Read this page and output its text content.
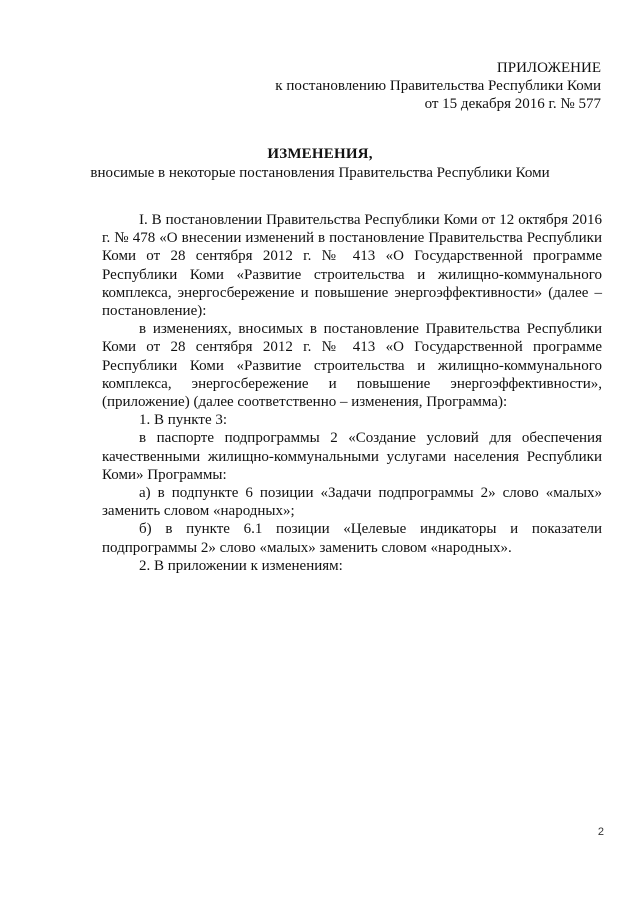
ПРИЛОЖЕНИЕ
к постановлению Правительства Республики Коми
от 15 декабря 2016 г. № 577
ИЗМЕНЕНИЯ,
вносимые в некоторые постановления Правительства Республики Коми

I. В постановлении Правительства Республики Коми от 12 октября 2016 г. № 478 «О внесении изменений в постановление Правительства Республики Коми от 28 сентября 2012 г. № 413 «О Государственной программе Республики Коми «Развитие строительства и жилищно-коммунального комплекса, энергосбережение и повышение энергоэффективности» (далее – постановление):

в изменениях, вносимых в постановление Правительства Республики Коми от 28 сентября 2012 г. № 413 «О Государственной программе Республики Коми «Развитие строительства и жилищно-коммунального комплекса, энергосбережение и повышение энергоэффективности», (приложение) (далее соответственно – изменения, Программа):

1. В пункте 3:

в паспорте подпрограммы 2 «Создание условий для обеспечения качественными жилищно-коммунальными услугами населения Республики Коми» Программы:

а) в подпункте 6 позиции «Задачи подпрограммы 2» слово «малых» заменить словом «народных»;

б) в пункте 6.1 позиции «Целевые индикаторы и показатели подпрограммы 2» слово «малых» заменить словом «народных».

2. В приложении к изменениям:

2
